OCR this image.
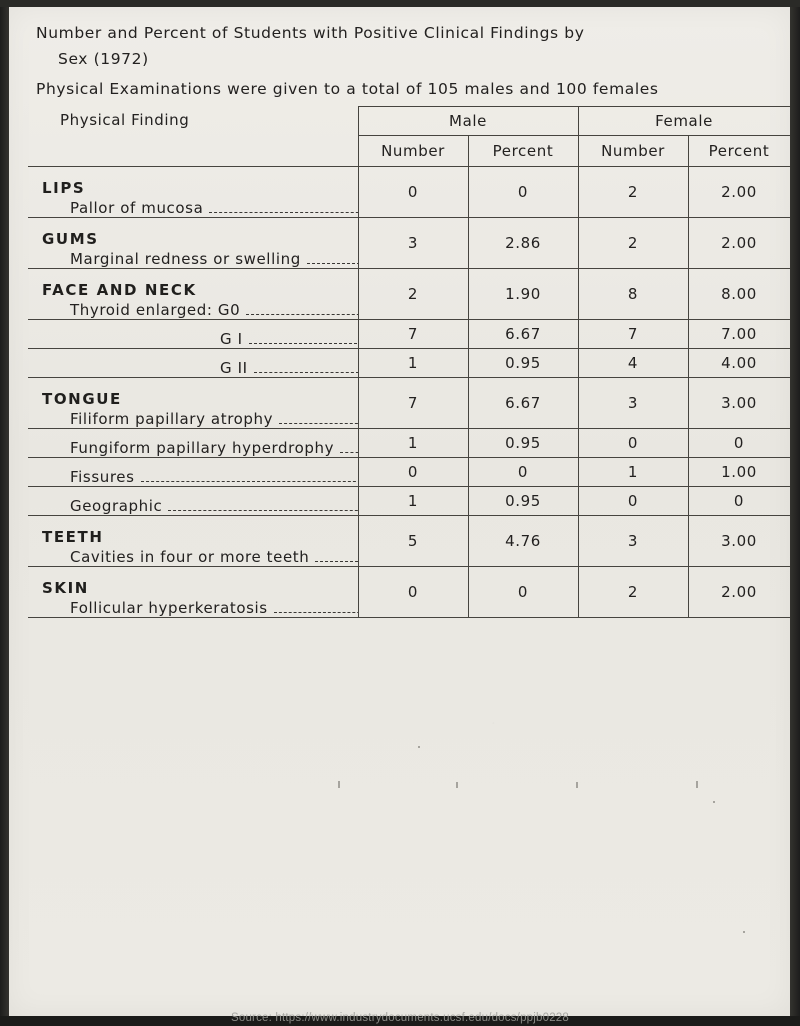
Number and Percent of Students with Positive Clinical Findings by
Sex (1972)
Physical Examinations were given to a total of 105 males and 100 females
Physical Finding	Male		Female	
	Number	Percent	Number	Percent

LIPS
Pallor of mucosa	0	0	2	2.00

GUMS
Marginal redness or swelling	3	2.86	2	2.00

FACE AND NECK
Thyroid enlarged: G0	2	1.90	8	8.00

G I	7	6.67	7	7.00

G II	1	0.95	4	4.00

TONGUE
Filiform papillary atrophy	7	6.67	3	3.00

Fungiform papillary hyperdrophy	1	0.95	0	0

Fissures	0	0	1	1.00

Geographic	1	0.95	0	0

TEETH
Cavities in four or more teeth	5	4.76	3	3.00

SKIN
Follicular hyperkeratosis	0	0	2	2.00
Source: https://www.industrydocuments.ucsf.edu/docs/ppjb0228
